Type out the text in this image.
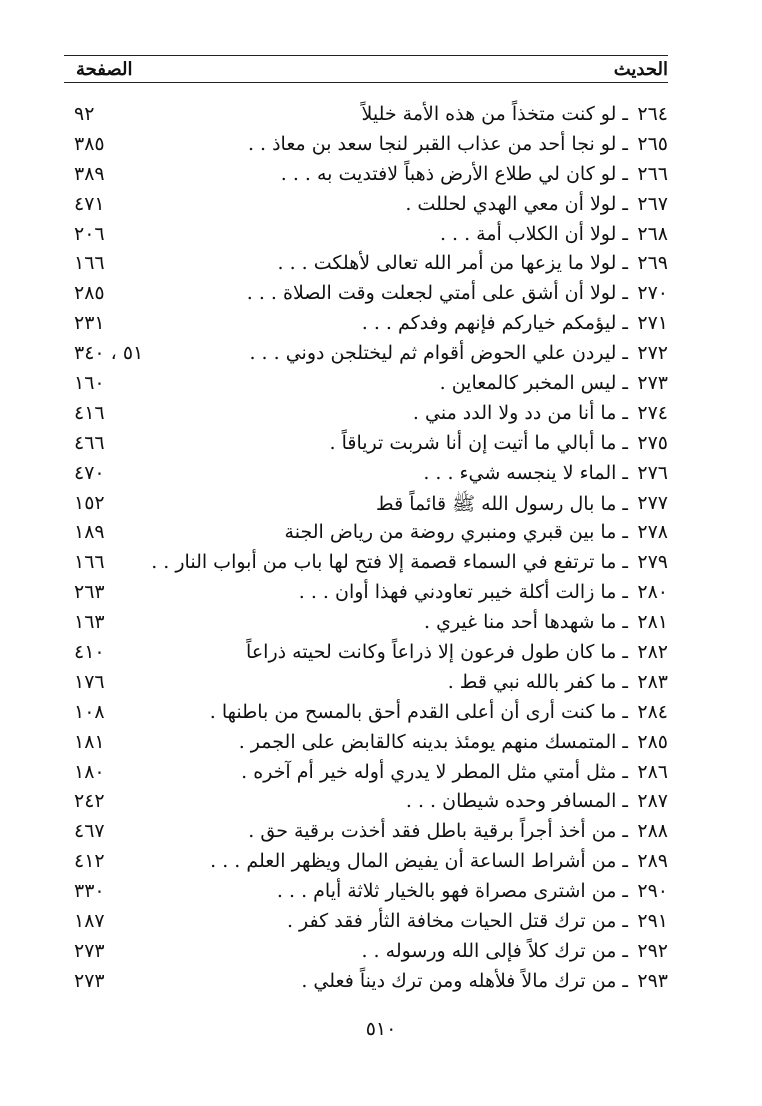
الحديث
الصفحة
٢٦٤
ـ لو كنت متخذاً من هذه الأمة خليلاً
٩٢
٢٦٥
ـ لو نجا أحد من عذاب القبر لنجا سعد بن معاذ . .
٣٨٥
٢٦٦
ـ لو كان لي طلاع الأرض ذهباً لافتديت به . . .
٣٨٩
٢٦٧
ـ لولا أن معي الهدي لحللت .
٤٧١
٢٦٨
ـ لولا أن الكلاب أمة . . .
٢٠٦
٢٦٩
ـ لولا ما يزعها من أمر الله تعالى لأهلكت . . .
١٦٦
٢٧٠
ـ لولا أن أشق على أمتي لجعلت وقت الصلاة . . .
٢٨٥
٢٧١
ـ ليؤمكم خياركم فإنهم وفدكم . . .
٢٣١
٢٧٢
ـ ليردن علي الحوض أقوام ثم ليختلجن دوني . . .
٥١ ، ٣٤٠
٢٧٣
ـ ليس المخبر كالمعاين .
١٦٠
٢٧٤
ـ ما أنا من دد ولا الدد مني .
٤١٦
٢٧٥
ـ ما أبالي ما أتيت إن أنا شربت ترياقاً .
٤٦٦
٢٧٦
ـ الماء لا ينجسه شيء . . .
٤٧٠
٢٧٧
ـ ما بال رسول الله ﷺ قائماً قط
١٥٢
٢٧٨
ـ ما بين قبري ومنبري روضة من رياض الجنة
١٨٩
٢٧٩
ـ ما ترتفع في السماء قصمة إلا فتح لها باب من أبواب النار . .
١٦٦
٢٨٠
ـ ما زالت أكلة خيبر تعاودني فهذا أوان . . .
٢٦٣
٢٨١
ـ ما شهدها أحد منا غيري .
١٦٣
٢٨٢
ـ ما كان طول فرعون إلا ذراعاً وكانت لحيته ذراعاً
٤١٠
٢٨٣
ـ ما كفر بالله نبي قط .
١٧٦
٢٨٤
ـ ما كنت أرى أن أعلى القدم أحق بالمسح من باطنها .
١٠٨
٢٨٥
ـ المتمسك منهم يومئذ بدينه كالقابض على الجمر .
١٨١
٢٨٦
ـ مثل أمتي مثل المطر لا يدري أوله خير أم آخره .
١٨٠
٢٨٧
ـ المسافر وحده شيطان . . .
٢٤٢
٢٨٨
ـ من أخذ أجراً برقية باطل فقد أخذت برقية حق .
٤٦٧
٢٨٩
ـ من أشراط الساعة أن يفيض المال ويظهر العلم . . .
٤١٢
٢٩٠
ـ من اشترى مصراة فهو بالخيار ثلاثة أيام . . .
٣٣٠
٢٩١
ـ من ترك قتل الحيات مخافة الثأر فقد كفر .
١٨٧
٢٩٢
ـ من ترك كلاً فإلى الله ورسوله . .
٢٧٣
٢٩٣
ـ من ترك مالاً فلأهله ومن ترك ديناً فعلي .
٢٧٣
٥١٠
